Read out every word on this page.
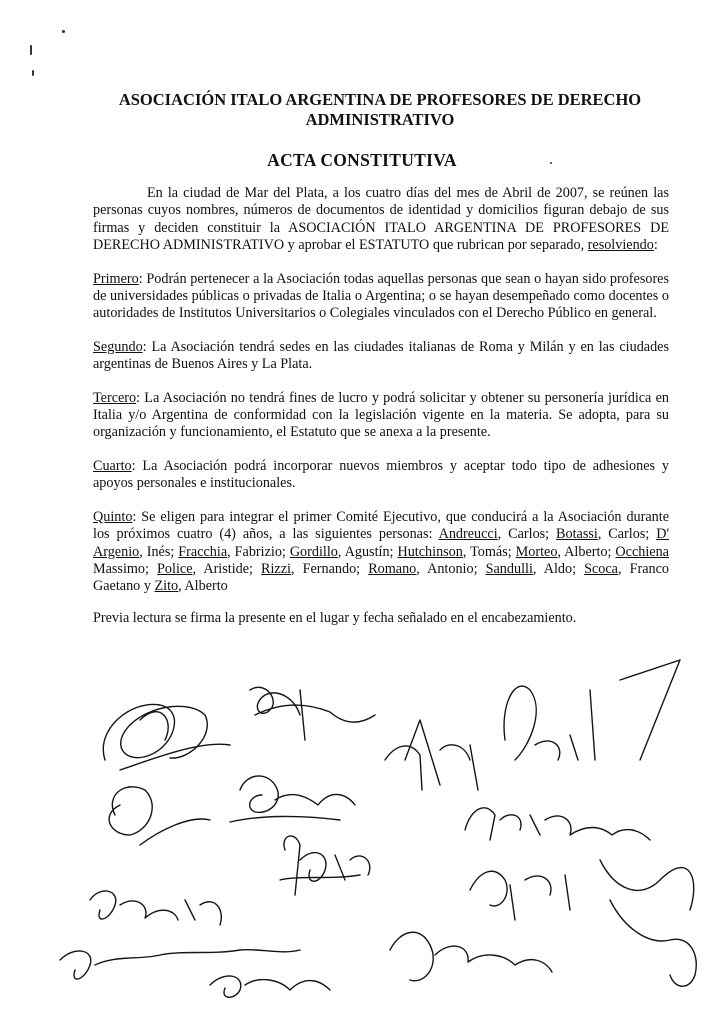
ASOCIACIÓN ITALO ARGENTINA DE PROFESORES DE DERECHO
ADMINISTRATIVO
ACTA CONSTITUTIVA

En la ciudad de Mar del Plata, a los cuatro días del mes de Abril de 2007, se reúnen las personas cuyos nombres, números de documentos de identidad y domicilios figuran debajo de sus firmas y deciden constituir la ASOCIACIÓN ITALO ARGENTINA DE PROFESORES DE DERECHO ADMINISTRATIVO y aprobar el ESTATUTO que rubrican por separado, resolviendo:

Primero: Podrán pertenecer a la Asociación todas aquellas personas que sean o hayan sido profesores de universidades públicas o privadas de Italia o Argentina; o se hayan desempeñado como docentes o autoridades de Institutos Universitarios o Colegiales vinculados con el Derecho Público en general.

Segundo: La Asociación tendrá sedes en las ciudades italianas de Roma y Milán y en las ciudades argentinas de Buenos Aires y La Plata.

Tercero: La Asociación no tendrá fines de lucro y podrá solicitar y obtener su personería jurídica en Italia y/o Argentina de conformidad con la legislación vigente en la materia. Se adopta, para su organización y funcionamiento, el Estatuto que se anexa a la presente.

Cuarto: La Asociación podrá incorporar nuevos miembros y aceptar todo tipo de adhesiones y apoyos personales e institucionales.

Quinto: Se eligen para integrar el primer Comité Ejecutivo, que conducirá a la Asociación durante los próximos cuatro (4) años, a las siguientes personas: Andreucci, Carlos; Botassi, Carlos; D' Argenio, Inés; Fracchia, Fabrizio; Gordillo, Agustín; Hutchinson, Tomás; Morteo, Alberto; Occhiena Massimo; Police, Aristide; Rizzi, Fernando; Romano, Antonio; Sandulli, Aldo; Scoca, Franco Gaetano y Zito, Alberto

Previa lectura se firma la presente en el lugar y fecha señalado en el encabezamiento.
